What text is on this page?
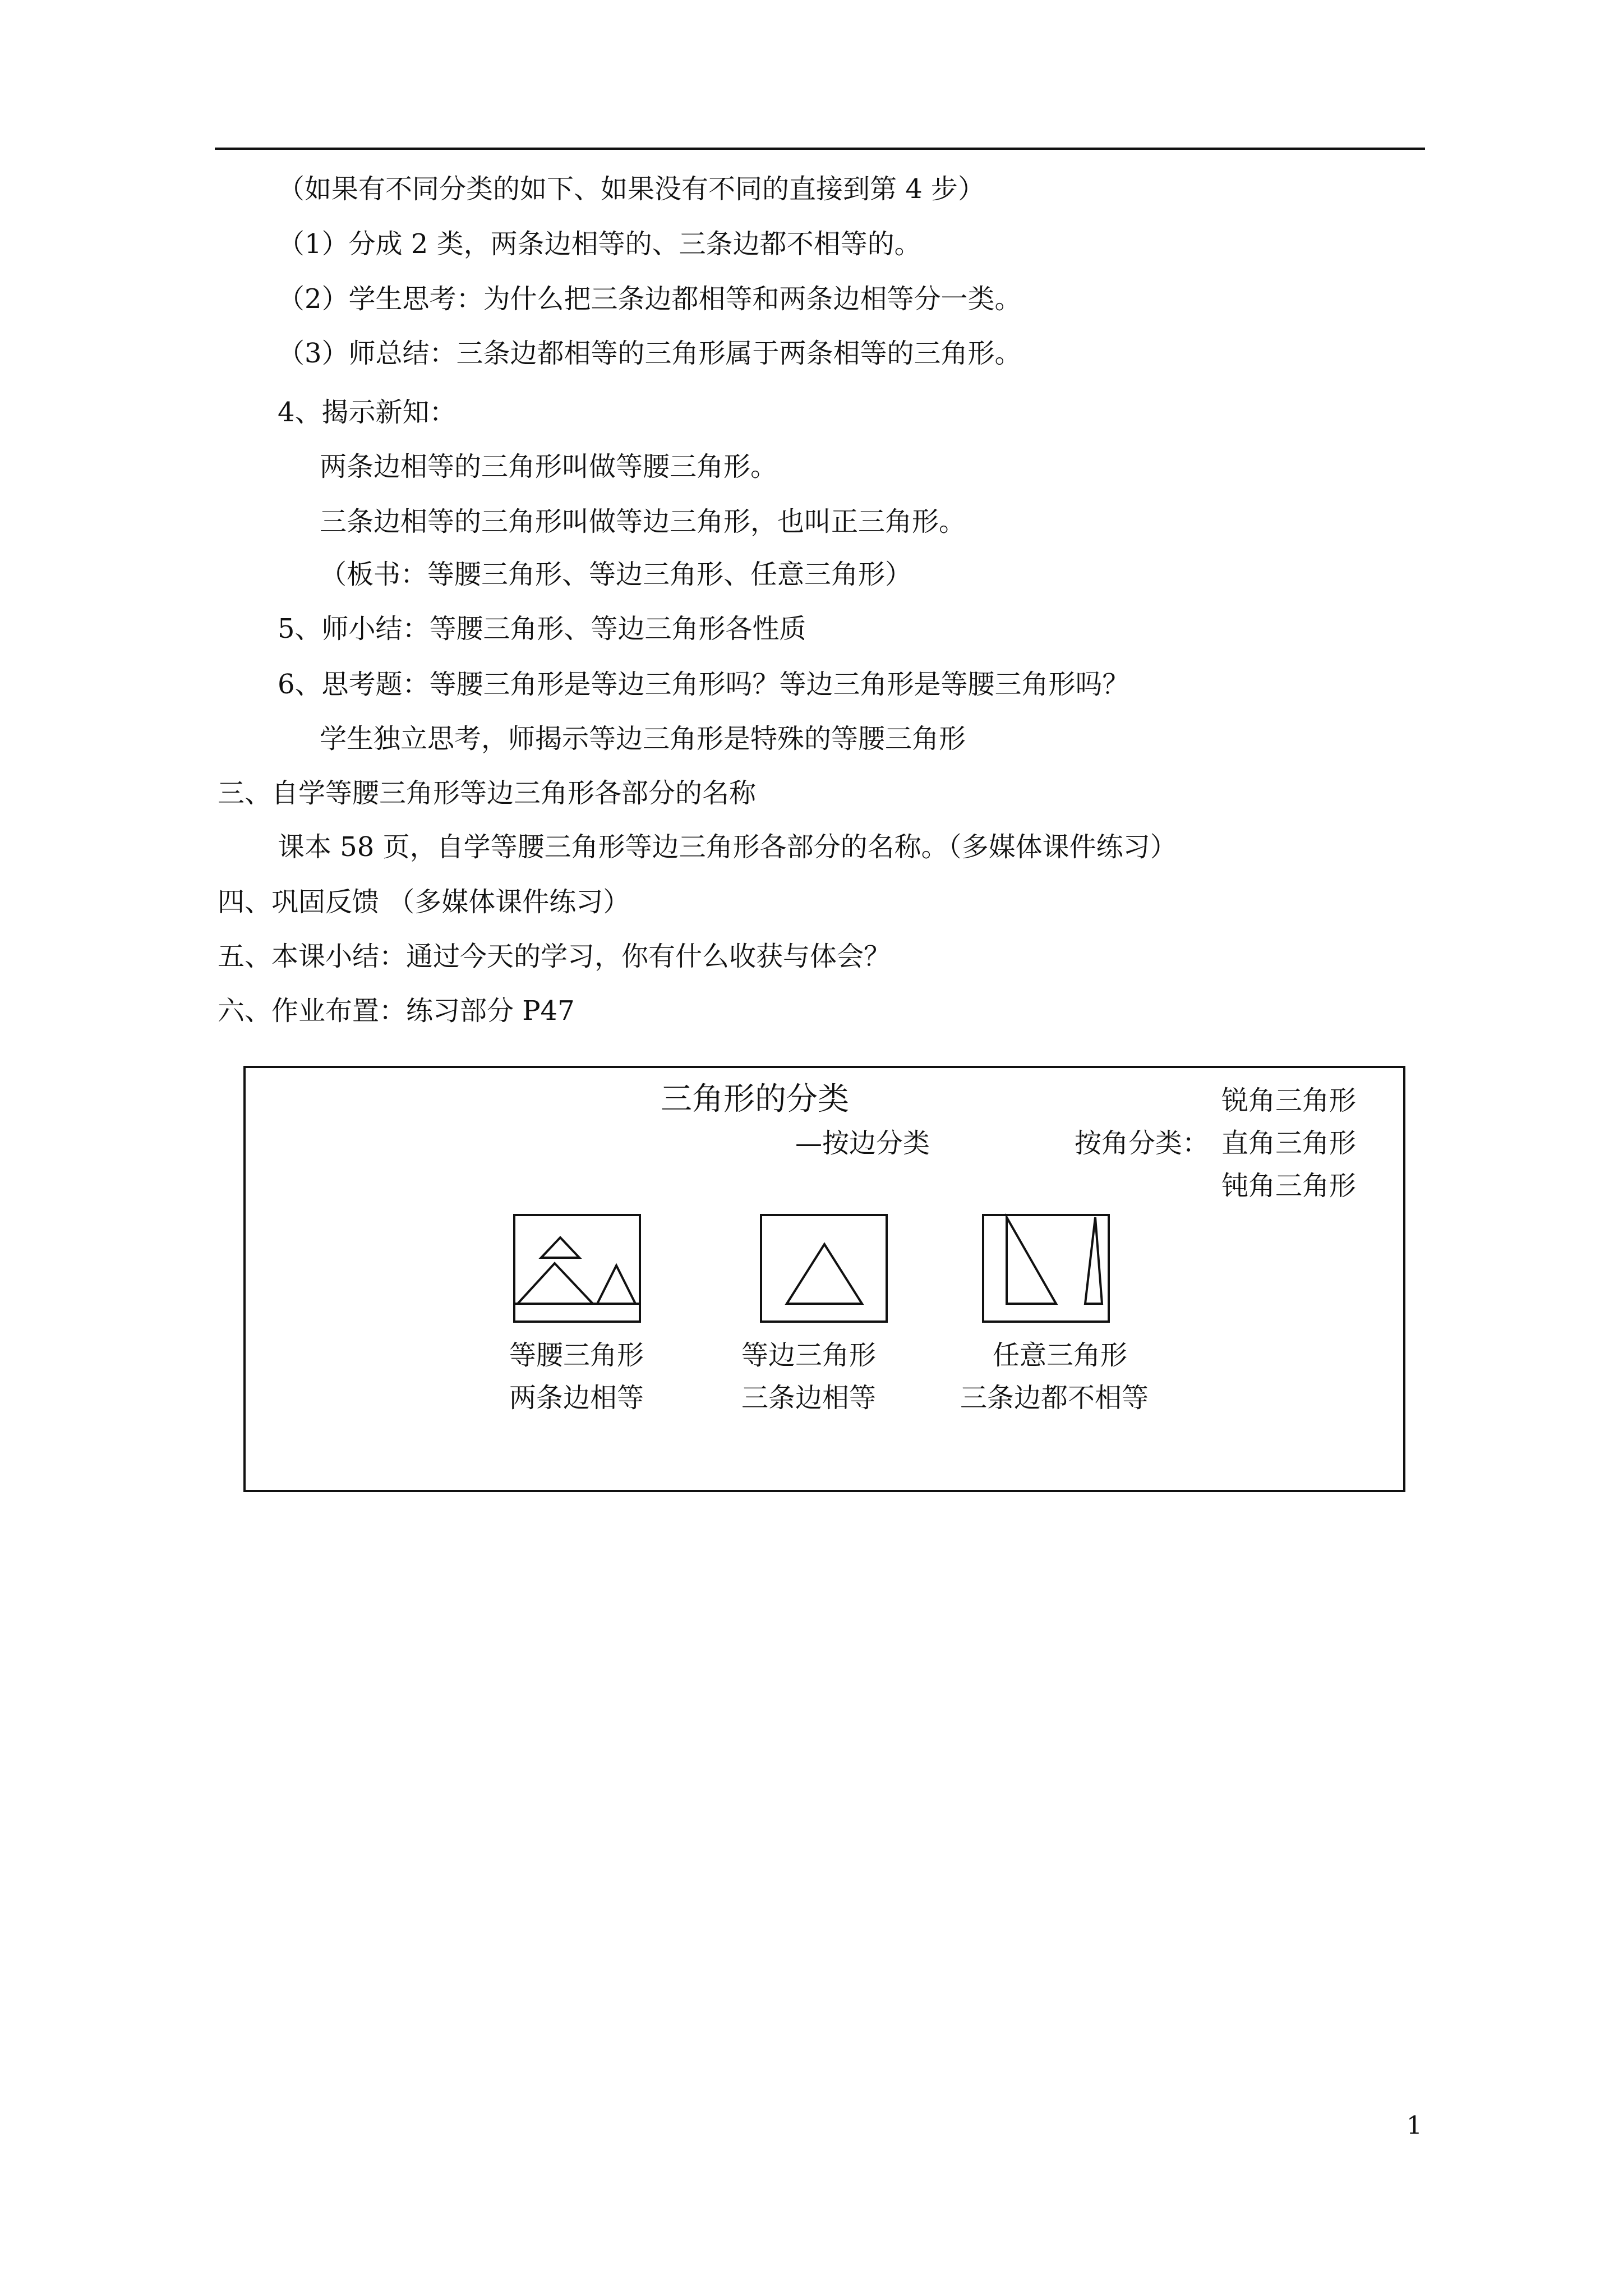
（如果有不同分类的如下、如果没有不同的直接到第 4 步）
（1）分成 2 类，两条边相等的、三条边都不相等的。
（2）学生思考：为什么把三条边都相等和两条边相等分一类。
（3）师总结：三条边都相等的三角形属于两条相等的三角形。
4、揭示新知：
两条边相等的三角形叫做等腰三角形。
三条边相等的三角形叫做等边三角形，也叫正三角形。
（板书：等腰三角形、等边三角形、任意三角形）
5、师小结：等腰三角形、等边三角形各性质
6、思考题：等腰三角形是等边三角形吗？等边三角形是等腰三角形吗？
学生独立思考，师揭示等边三角形是特殊的等腰三角形
三、自学等腰三角形等边三角形各部分的名称
课本 58 页，自学等腰三角形等边三角形各部分的名称。（多媒体课件练习）
四、巩固反馈 （多媒体课件练习）
五、本课小结：通过今天的学习，你有什么收获与体会？
六、作业布置：练习部分 P47
三角形的分类
—按边分类	按角分类：
锐角三角形
直角三角形
钝角三角形
等腰三角形
两条边相等
等边三角形
三条边相等
任意三角形
三条边都不相等
1
